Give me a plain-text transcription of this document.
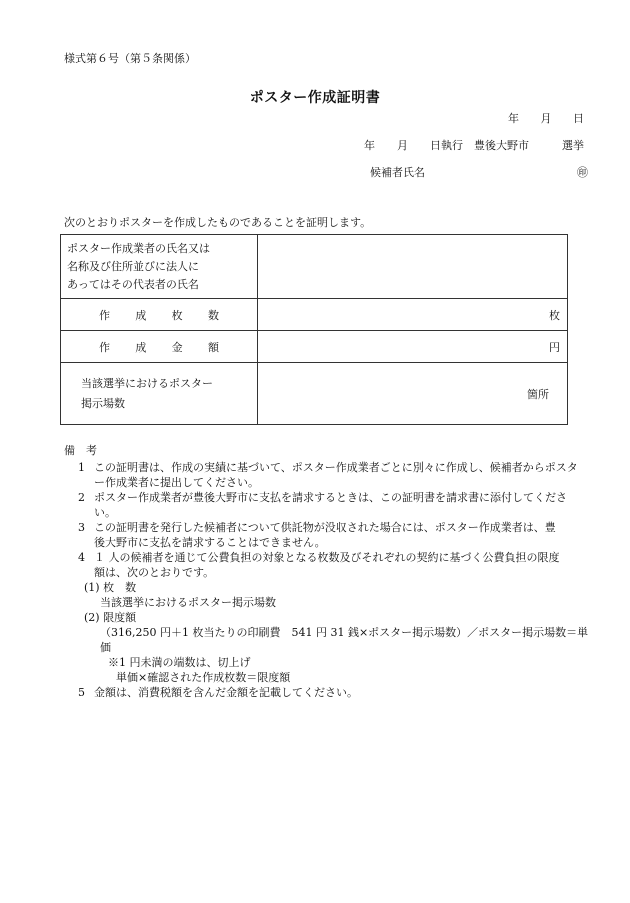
様式第６号（第５条関係）
ポスター作成証明書
年 月 日
年　　月　　日執行　豊後大野市　　　選挙
候補者氏名	㊞
次のとおりポスターを作成したものであることを証明します。
ポスター作成業者の氏名又は
名称及び住所並びに法人に
あってはその代表者の氏名	

作成枚数	枚
作成金額	円

当該選挙におけるポスター
掲示場数	箇所
備　考
1 この証明書は、作成の実績に基づいて、ポスター作成業者ごとに別々に作成し、候補者からポスタ
ー作成業者に提出してください。
2 ポスター作成業者が豊後大野市に支払を請求するときは、この証明書を請求書に添付してくださ
い。
3 この証明書を発行した候補者について供託物が没収された場合には、ポスター作成業者は、豊
後大野市に支払を請求することはできません。
4 １ 人の候補者を通じて公費負担の対象となる枚数及びそれぞれの契約に基づく公費負担の限度
額は、次のとおりです。
(1) 枚　数
当該選挙におけるポスター掲示場数
(2) 限度額
（316,250 円＋1 枚当たりの印刷費　541 円 31 銭×ポスター掲示場数）／ポスター掲示場数＝単
価
※1 円未満の端数は、切上げ
単価×確認された作成枚数＝限度額
5 金額は、消費税額を含んだ金額を記載してください。
